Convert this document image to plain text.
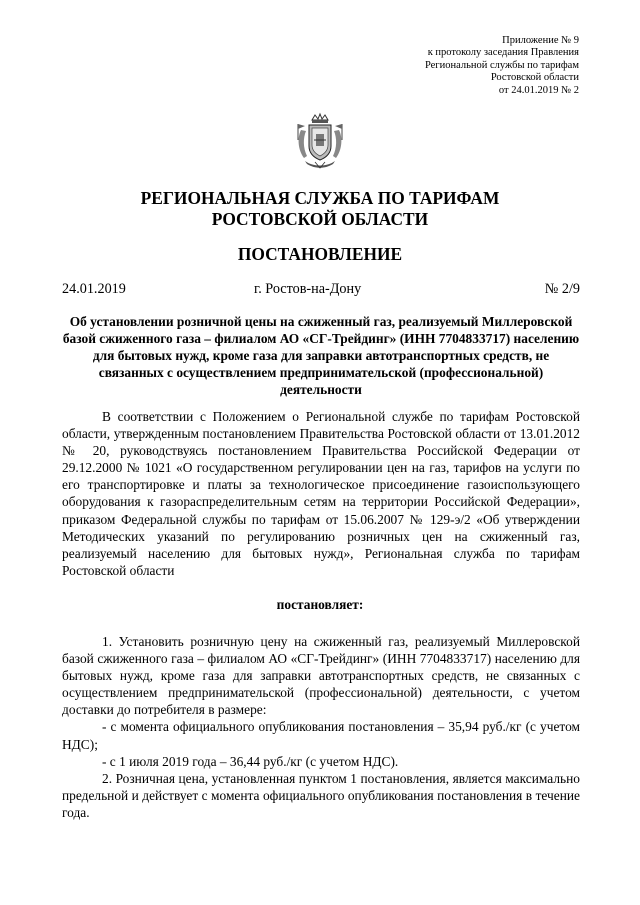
Приложение № 9
к протоколу заседания Правления
Региональной службы по тарифам
Ростовской области
от 24.01.2019 № 2
РЕГИОНАЛЬНАЯ СЛУЖБА ПО ТАРИФАМ
РОСТОВСКОЙ ОБЛАСТИ
ПОСТАНОВЛЕНИЕ
24.01.2019	г. Ростов-на-Дону	№ 2/9
Об установлении розничной цены на сжиженный газ, реализуемый Миллеровской базой сжиженного газа – филиалом АО «СГ-Трейдинг» (ИНН 7704833717) населению для бытовых нужд, кроме газа для заправки автотранспортных средств, не связанных с осуществлением предпринимательской (профессиональной) деятельности

В соответствии с Положением о Региональной службе по тарифам Ростовской области, утвержденным постановлением Правительства Ростовской области от 13.01.2012 № 20, руководствуясь постановлением Правительства Российской Федерации от 29.12.2000 № 1021 «О государственном регулировании цен на газ, тарифов на услуги по его транспортировке и платы за технологическое присоединение газоиспользующего оборудования к газораспределительным сетям на территории Российской Федерации», приказом Федеральной службы по тарифам от 15.06.2007 № 129-э/2 «Об утверждении Методических указаний по регулированию розничных цен на сжиженный газ, реализуемый населению для бытовых нужд», Региональная служба по тарифам Ростовской области

постановляет:

1. Установить розничную цену на сжиженный газ, реализуемый Миллеровской базой сжиженного газа – филиалом АО «СГ-Трейдинг» (ИНН 7704833717) населению для бытовых нужд, кроме газа для заправки автотранспортных средств, не связанных с осуществлением предпринимательской (профессиональной) деятельности, с учетом доставки до потребителя в размере:

- с момента официального опубликования постановления – 35,94 руб./кг (с учетом НДС);

- с 1 июля 2019 года – 36,44 руб./кг (с учетом НДС).

2. Розничная цена, установленная пунктом 1 постановления, является максимально предельной и действует с момента официального опубликования постановления в течение года.
